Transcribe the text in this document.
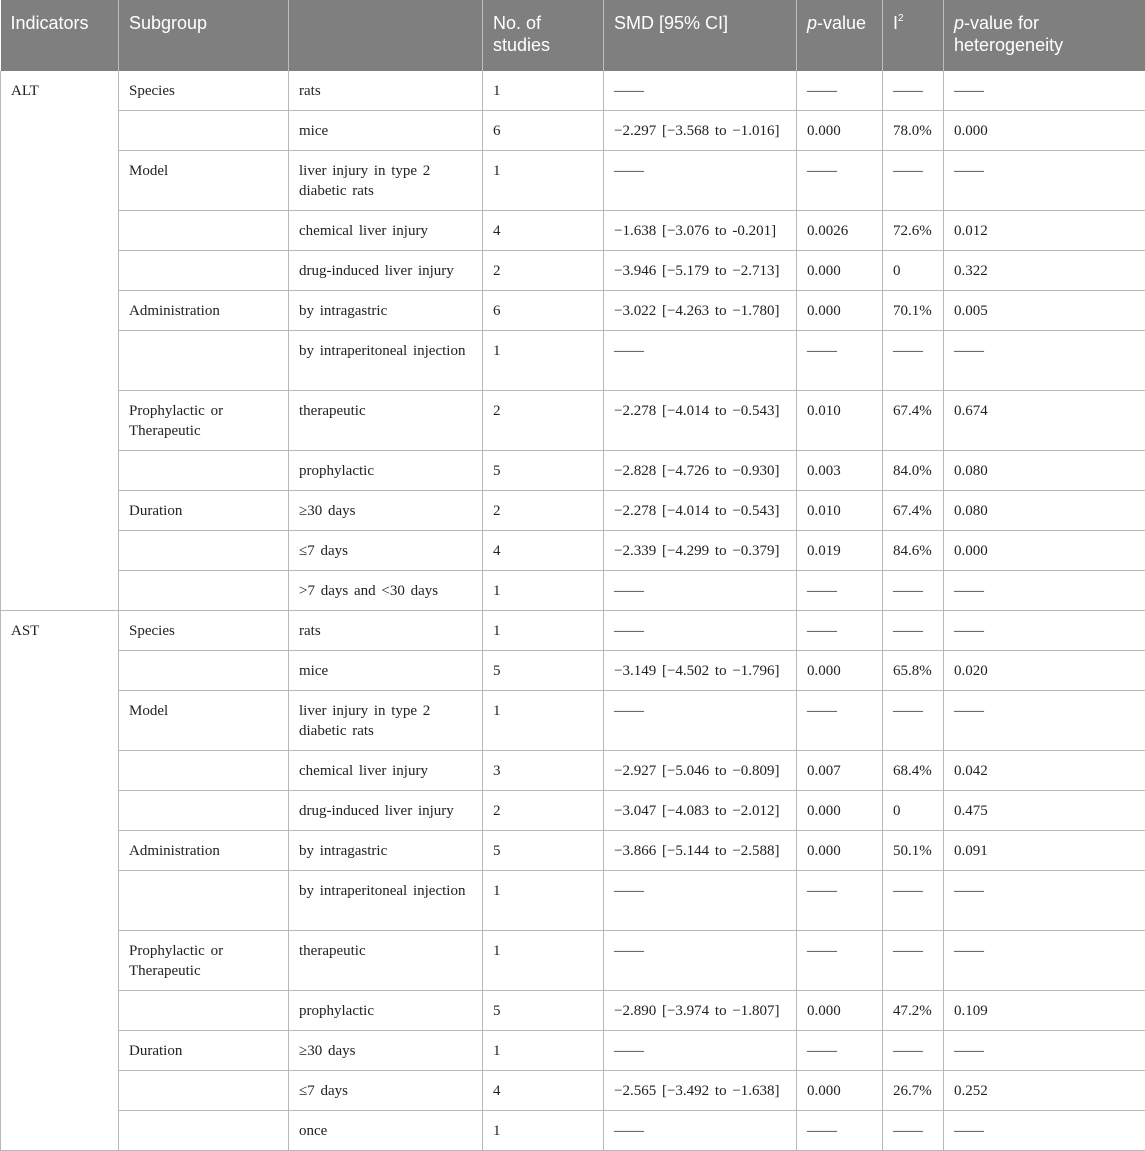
Indicators	Subgroup		No. of studies	SMD [95% CI]	p-value	$I^2$	p-value for heterogeneity
ALT	Species	rats	1	——	——	——	——
		mice	6	−2.297 [−3.568 to −1.016]	0.000	78.0%	0.000
	Model	liver injury in type 2 diabetic rats	1	——	——	——	——
		chemical liver injury	4	−1.638 [−3.076 to -0.201]	0.0026	72.6%	0.012
		drug-induced liver injury	2	−3.946 [−5.179 to −2.713]	0.000	0	0.322
	Administration	by intragastric	6	−3.022 [−4.263 to −1.780]	0.000	70.1%	0.005
		by intraperitoneal injection	1	——	——	——	——
	Prophylactic or Therapeutic	therapeutic	2	−2.278 [−4.014 to −0.543]	0.010	67.4%	0.674
		prophylactic	5	−2.828 [−4.726 to −0.930]	0.003	84.0%	0.080
	Duration	≥30 days	2	−2.278 [−4.014 to −0.543]	0.010	67.4%	0.080
		≤7 days	4	−2.339 [−4.299 to −0.379]	0.019	84.6%	0.000
		>7 days and <30 days	1	——	——	——	——
AST	Species	rats	1	——	——	——	——
		mice	5	−3.149 [−4.502 to −1.796]	0.000	65.8%	0.020
	Model	liver injury in type 2 diabetic rats	1	——	——	——	——
		chemical liver injury	3	−2.927 [−5.046 to −0.809]	0.007	68.4%	0.042
		drug-induced liver injury	2	−3.047 [−4.083 to −2.012]	0.000	0	0.475
	Administration	by intragastric	5	−3.866 [−5.144 to −2.588]	0.000	50.1%	0.091
		by intraperitoneal injection	1	——	——	——	——
	Prophylactic or Therapeutic	therapeutic	1	——	——	——	——
		prophylactic	5	−2.890 [−3.974 to −1.807]	0.000	47.2%	0.109
	Duration	≥30 days	1	——	——	——	——
		≤7 days	4	−2.565 [−3.492 to −1.638]	0.000	26.7%	0.252
		once	1	——	——	——	——
